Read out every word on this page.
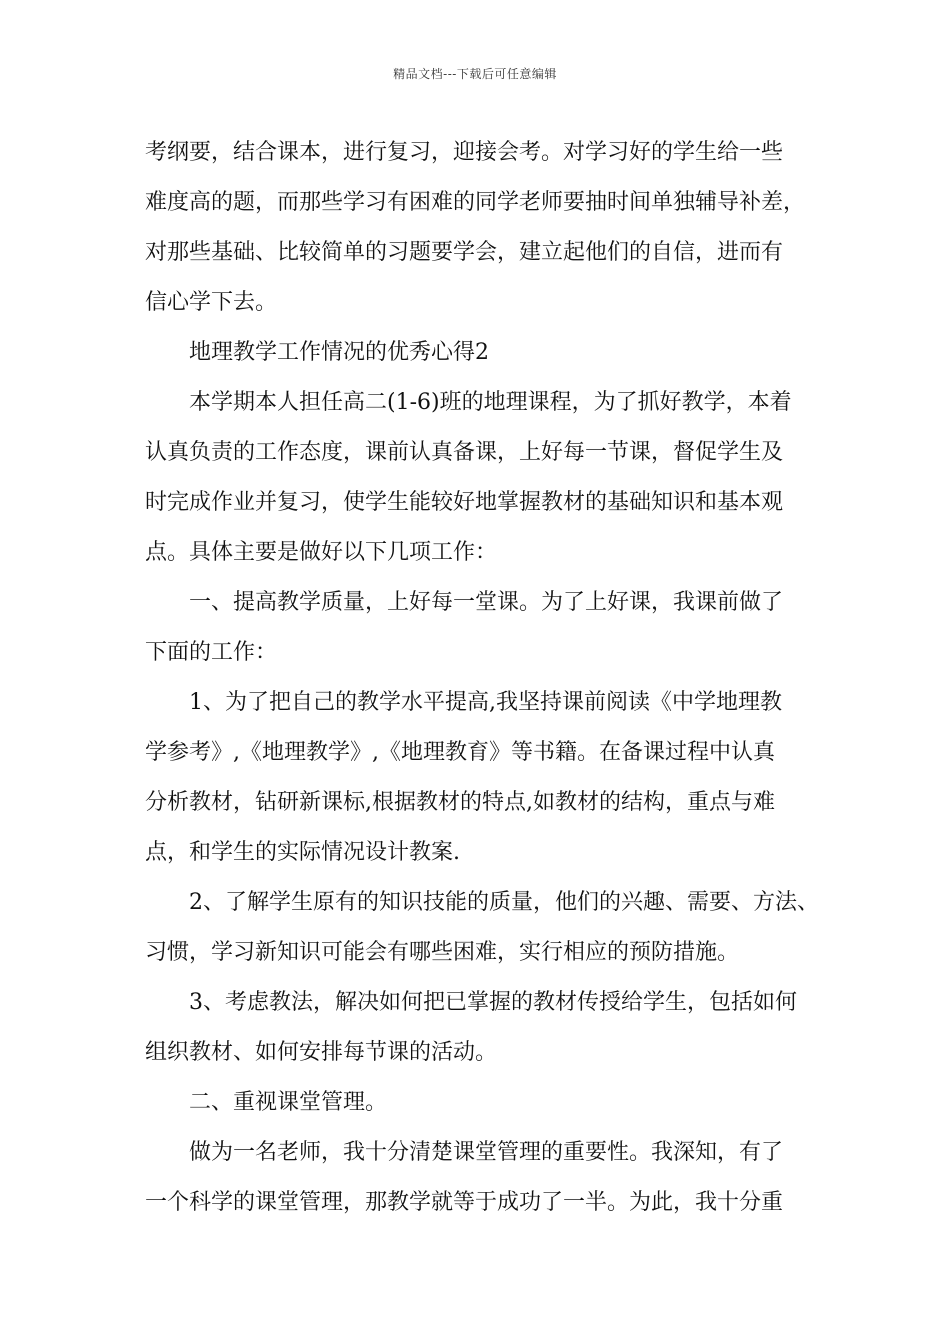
精品文档---下载后可任意编辑
考纲要，结合课本，进行复习，迎接会考。对学习好的学生给一些
难度高的题，而那些学习有困难的同学老师要抽时间单独辅导补差，
对那些基础、比较简单的习题要学会，建立起他们的自信，进而有
信心学下去。
地理教学工作情况的优秀心得2
本学期本人担任高二(1-6)班的地理课程，为了抓好教学，本着
认真负责的工作态度，课前认真备课，上好每一节课，督促学生及
时完成作业并复习，使学生能较好地掌握教材的基础知识和基本观
点。具体主要是做好以下几项工作：
一、提高教学质量，上好每一堂课。为了上好课，我课前做了
下面的工作：
1、为了把自己的教学水平提高,我坚持课前阅读《中学地理教
学参考》,《地理教学》,《地理教育》等书籍。在备课过程中认真
分析教材，钻研新课标,根据教材的特点,如教材的结构，重点与难
点，和学生的实际情况设计教案.
2、了解学生原有的知识技能的质量，他们的兴趣、需要、方法、
习惯，学习新知识可能会有哪些困难，实行相应的预防措施。
3、考虑教法，解决如何把已掌握的教材传授给学生，包括如何
组织教材、如何安排每节课的活动。
二、重视课堂管理。
做为一名老师，我十分清楚课堂管理的重要性。我深知，有了
一个科学的课堂管理，那教学就等于成功了一半。为此，我十分重
